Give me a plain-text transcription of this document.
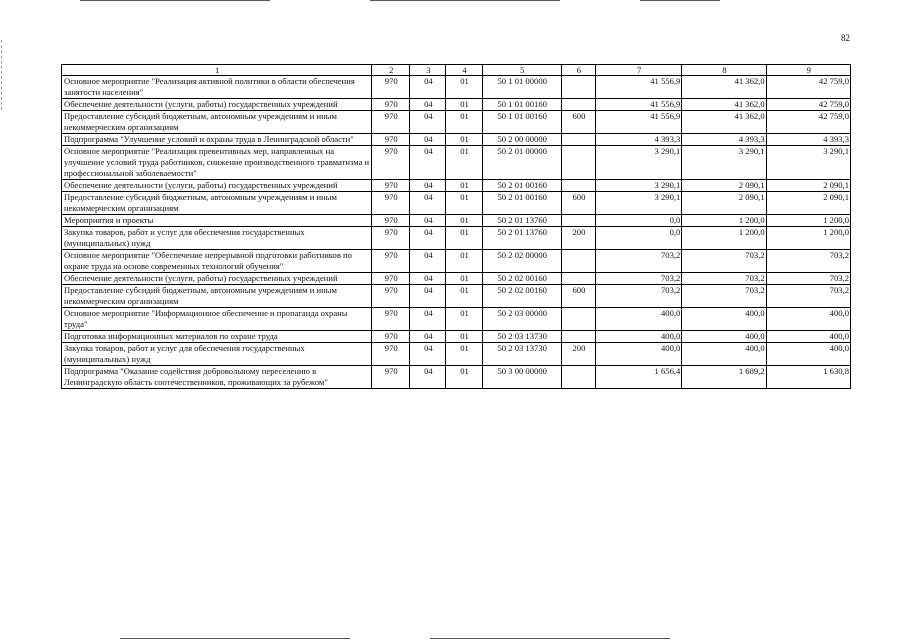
82
1	2	3	4	5	6	7	8	9
Основное мероприятие "Реализация активной политики в области обеспечения занятости населения"	970	04	01	50 1 01 00000		41 556,9	41 362,0	42 759,0
Обеспечение деятельности (услуги, работы) государственных учреждений	970	04	01	50 1 01 00160		41 556,9	41 362,0	42 759,0
Предоставление субсидий бюджетным, автономным учреждениям и иным некоммерческим организациям	970	04	01	50 1 01 00160	600	41 556,9	41 362,0	42 759,0
Подпрограмма "Улучшение условий и охраны труда в Ленинградской области"	970	04	01	50 2 00 00000		4 393,3	4 393,3	4 393,3
Основное мероприятие "Реализация превентивных мер, направленных на улучшение условий труда работников, снижение производственного травматизма и профессиональной заболеваемости"	970	04	01	50 2 01 00000		3 290,1	3 290,1	3 290,1
Обеспечение деятельности (услуги, работы) государственных учреждений	970	04	01	50 2 01 00160		3 290,1	2 090,1	2 090,1
Предоставление субсидий бюджетным, автономным учреждениям и иным некоммерческим организациям	970	04	01	50 2 01 00160	600	3 290,1	2 090,1	2 090,1
Мероприятия и проекты	970	04	01	50 2 01 13760		0,0	1 200,0	1 200,0
Закупка товаров, работ и услуг для обеспечения государственных (муниципальных) нужд	970	04	01	50 2 01 13760	200	0,0	1 200,0	1 200,0
Основное мероприятие "Обеспечение непрерывной подготовки работников по охране труда на основе современных технологий обучения"	970	04	01	50 2 02 00000		703,2	703,2	703,2
Обеспечение деятельности (услуги, работы) государственных учреждений	970	04	01	50 2 02 00160		703,2	703,2	703,2
Предоставление субсидий бюджетным, автономным учреждениям и иным некоммерческим организациям	970	04	01	50 2 02 00160	600	703,2	703,2	703,2
Основное мероприятие "Информационное обеспечение и пропаганда охраны труда"	970	04	01	50 2 03 00000		400,0	400,0	400,0
Подготовка информационных материалов по охране труда	970	04	01	50 2 03 13730		400,0	400,0	400,0
Закупка товаров, работ и услуг для обеспечения государственных (муниципальных) нужд	970	04	01	50 2 03 13730	200	400,0	400,0	400,0
Подпрограмма "Оказание содействия добровольному переселению в Ленинградскую область соотечественников, проживающих за рубежом"	970	04	01	50 3 00 00000		1 656,4	1 689,2	1 630,8
